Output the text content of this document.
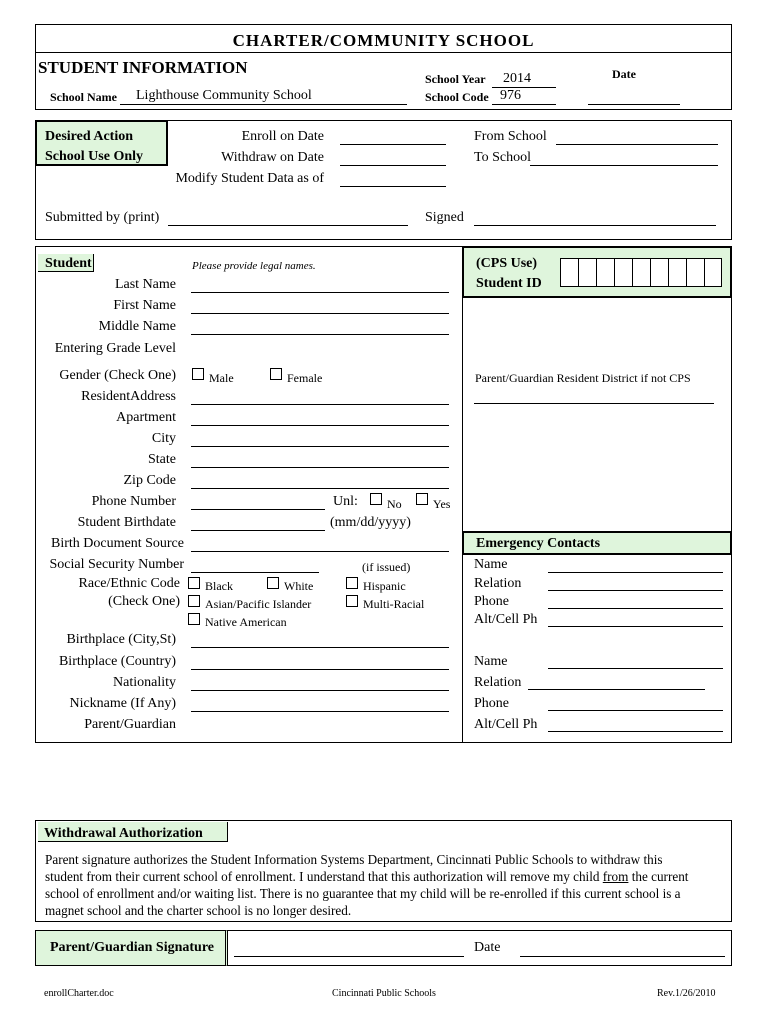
CHARTER/COMMUNITY SCHOOL
STUDENT INFORMATION
School Name Lighthouse Community School
School Year 2014
School Code 976
Date
Desired Action
School Use Only
Enroll on Date
Withdraw on Date
Modify Student Data as of
From School
To School
Submitted by (print)	Signed
Student	Please provide legal names.
Last Name
First Name
Middle Name
Entering Grade Level
Gender (Check One)	Male	Female
ResidentAddress
Apartment
City
State
Zip Code
Phone Number	Unl: No	Yes
Student Birthdate	(mm/dd/yyyy)
Birth Document Source
Social Security Number	(if issued)
Race/Ethnic Code Black	White	Hispanic
(Check One) Asian/Pacific Islander	Multi-Racial
Native American
Birthplace (City,St)
Birthplace (Country)
Nationality
Nickname (If Any)
Parent/Guardian
(CPS Use)
Student ID
Parent/Guardian Resident District if not CPS
Emergency Contacts
Name
Relation
Phone
Alt/Cell Ph
Name
Relation
Phone
Alt/Cell Ph
Withdrawal Authorization
Parent signature authorizes the Student Information Systems Department, Cincinnati Public Schools to withdraw this
student from their current school of enrollment. I understand that this authorization will remove my child from the current
school of enrollment and/or waiting list. There is no guarantee that my child will be re-enrolled if this current school is a
magnet school and the charter school is no longer desired.
Parent/Guardian Signature	Date
enrollCharter.doc	Cincinnati Public Schools	Rev.1/26/2010
